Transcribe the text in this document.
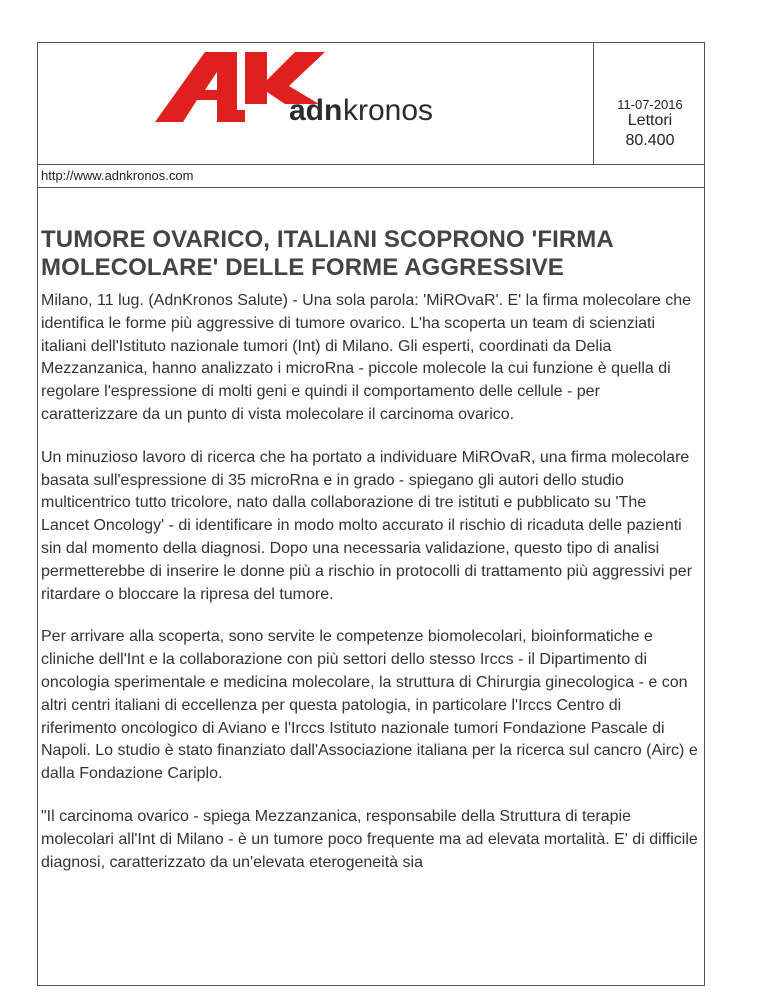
adn kronos	11-07-2016
Lettori
80.400
http://www.adnkronos.com
TUMORE OVARICO, ITALIANI SCOPRONO 'FIRMA MOLECOLARE' DELLE FORME AGGRESSIVE

Milano, 11 lug. (AdnKronos Salute) - Una sola parola: 'MiROvaR'. E' la firma molecolare che identifica le forme più aggressive di tumore ovarico. L'ha scoperta un team di scienziati italiani dell'Istituto nazionale tumori (Int) di Milano. Gli esperti, coordinati da Delia Mezzanzanica, hanno analizzato i microRna - piccole molecole la cui funzione è quella di regolare l'espressione di molti geni e quindi il comportamento delle cellule - per caratterizzare da un punto di vista molecolare il carcinoma ovarico.

Un minuzioso lavoro di ricerca che ha portato a individuare MiROvaR, una firma molecolare basata sull'espressione di 35 microRna e in grado - spiegano gli autori dello studio multicentrico tutto tricolore, nato dalla collaborazione di tre istituti e pubblicato su 'The Lancet Oncology' - di identificare in modo molto accurato il rischio di ricaduta delle pazienti sin dal momento della diagnosi. Dopo una necessaria validazione, questo tipo di analisi permetterebbe di inserire le donne più a rischio in protocolli di trattamento più aggressivi per ritardare o bloccare la ripresa del tumore.

Per arrivare alla scoperta, sono servite le competenze biomolecolari, bioinformatiche e cliniche dell'Int e la collaborazione con più settori dello stesso Irccs - il Dipartimento di oncologia sperimentale e medicina molecolare, la struttura di Chirurgia ginecologica - e con altri centri italiani di eccellenza per questa patologia, in particolare l'Irccs Centro di riferimento oncologico di Aviano e l'Irccs Istituto nazionale tumori Fondazione Pascale di Napoli. Lo studio è stato finanziato dall'Associazione italiana per la ricerca sul cancro (Airc) e dalla Fondazione Cariplo.

"Il carcinoma ovarico - spiega Mezzanzanica, responsabile della Struttura di terapie molecolari all'Int di Milano - è un tumore poco frequente ma ad elevata mortalità. E' di difficile diagnosi, caratterizzato da un'elevata eterogeneità sia
